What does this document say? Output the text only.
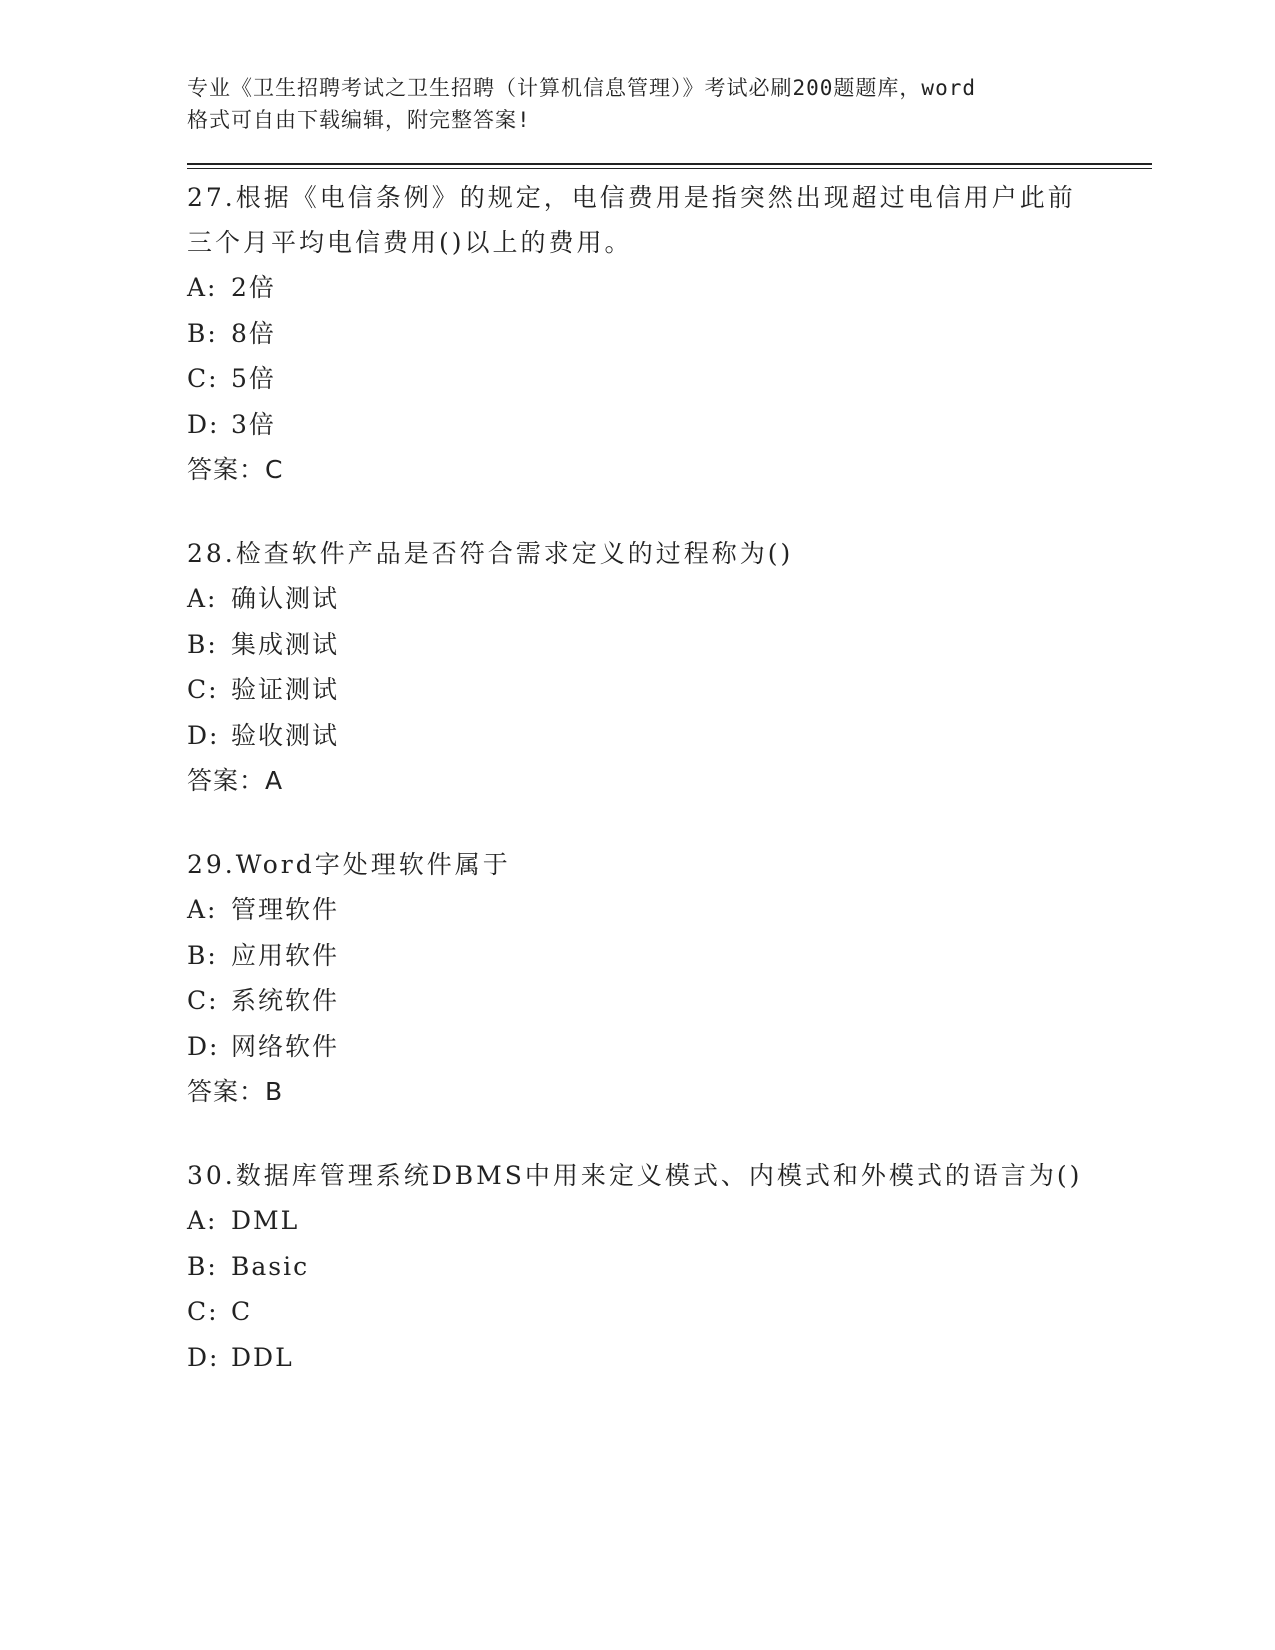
专业《卫生招聘考试之卫生招聘（计算机信息管理）》考试必刷200题题库，word
格式可自由下载编辑，附完整答案!
27.根据《电信条例》的规定，电信费用是指突然出现超过电信用户此前三个月平均电信费用()以上的费用。
A: 2倍
B: 8倍
C: 5倍
D: 3倍
答案：C
28.检查软件产品是否符合需求定义的过程称为()
A: 确认测试
B: 集成测试
C: 验证测试
D: 验收测试
答案：A
29.Word字处理软件属于
A: 管理软件
B: 应用软件
C: 系统软件
D: 网络软件
答案：B
30.数据库管理系统DBMS中用来定义模式、内模式和外模式的语言为()
A: DML
B: Basic
C: C
D: DDL
